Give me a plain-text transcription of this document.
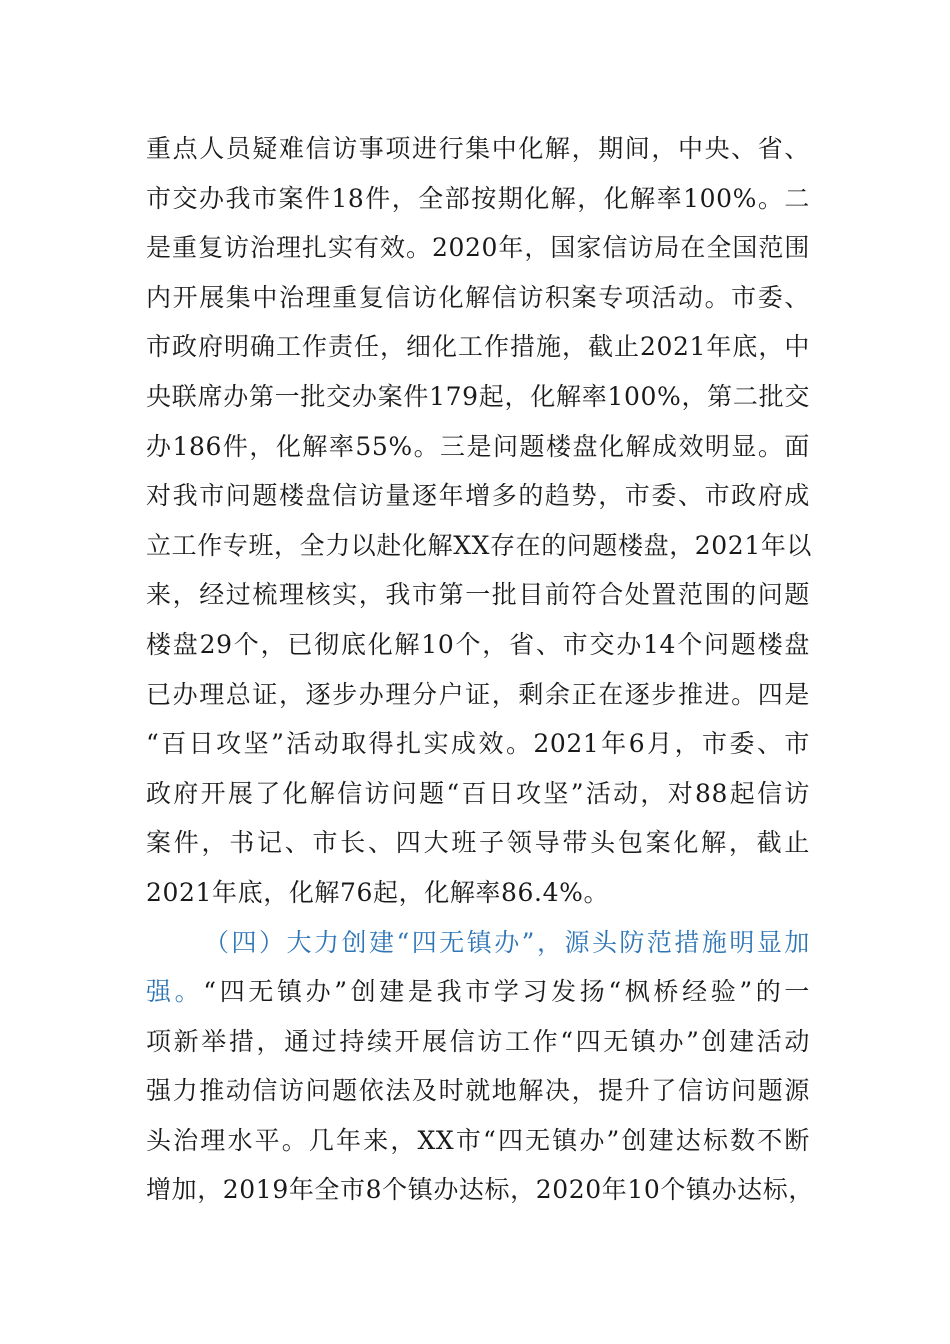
重点人员疑难信访事项进行集中化解，期间，中央、省、
市交办我市案件18件，全部按期化解，化解率100%。二
是重复访治理扎实有效。2020年，国家信访局在全国范围
内开展集中治理重复信访化解信访积案专项活动。市委、
市政府明确工作责任，细化工作措施，截止2021年底，中
央联席办第一批交办案件179起，化解率100%，第二批交
办186件，化解率55%。三是问题楼盘化解成效明显。面
对我市问题楼盘信访量逐年增多的趋势，市委、市政府成
立工作专班，全力以赴化解XX存在的问题楼盘，2021年以
来，经过梳理核实，我市第一批目前符合处置范围的问题
楼盘29个，已彻底化解10个，省、市交办14个问题楼盘
已办理总证，逐步办理分户证，剩余正在逐步推进。四是
“百日攻坚”活动取得扎实成效。2021年6月，市委、市
政府开展了化解信访问题“百日攻坚”活动，对88起信访
案件，书记、市长、四大班子领导带头包案化解，截止
2021年底，化解76起，化解率86.4%。
（四）大力创建“四无镇办”，源头防范措施明显加
强。“四无镇办”创建是我市学习发扬“枫桥经验”的一
项新举措，通过持续开展信访工作“四无镇办”创建活动
强力推动信访问题依法及时就地解决，提升了信访问题源
头治理水平。几年来，XX市“四无镇办”创建达标数不断
增加，2019年全市8个镇办达标，2020年10个镇办达标，
